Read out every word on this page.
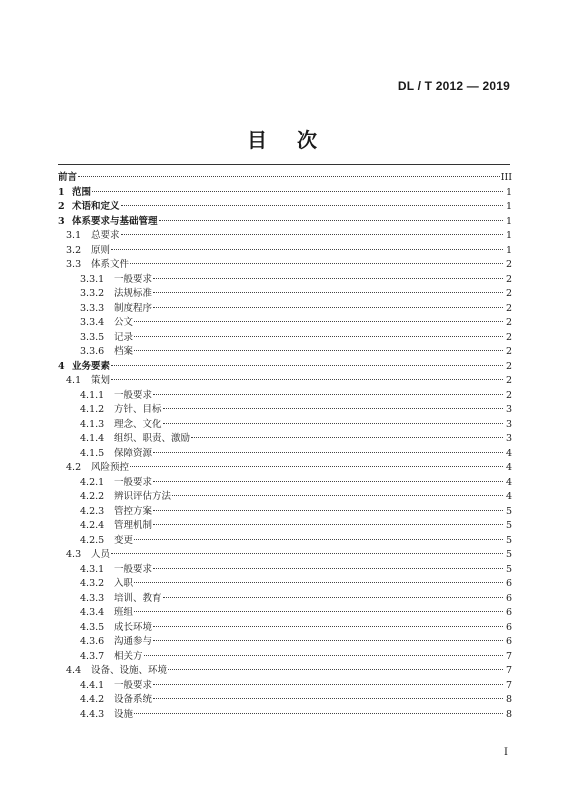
DL / T 2012 — 2019
目 次
前言	III
1 范围	1
2 术语和定义	1
3 体系要求与基础管理	1
3.1	总要求	1
3.2	原则	1
3.3	体系文件	2
3.3.1	一般要求	2
3.3.2	法规标准	2
3.3.3	制度程序	2
3.3.4	公文	2
3.3.5	记录	2
3.3.6	档案	2
4 业务要素	2
4.1	策划	2
4.1.1	一般要求	2
4.1.2	方针、目标	3
4.1.3	理念、文化	3
4.1.4	组织、职责、激励	3
4.1.5	保障资源	4
4.2	风险预控	4
4.2.1	一般要求	4
4.2.2	辨识评估方法	4
4.2.3	管控方案	5
4.2.4	管理机制	5
4.2.5	变更	5
4.3	人员	5
4.3.1	一般要求	5
4.3.2	入职	6
4.3.3	培训、教育	6
4.3.4	班组	6
4.3.5	成长环境	6
4.3.6	沟通参与	6
4.3.7	相关方	7
4.4	设备、设施、环境	7
4.4.1	一般要求	7
4.4.2	设备系统	8
4.4.3	设施	8
I
